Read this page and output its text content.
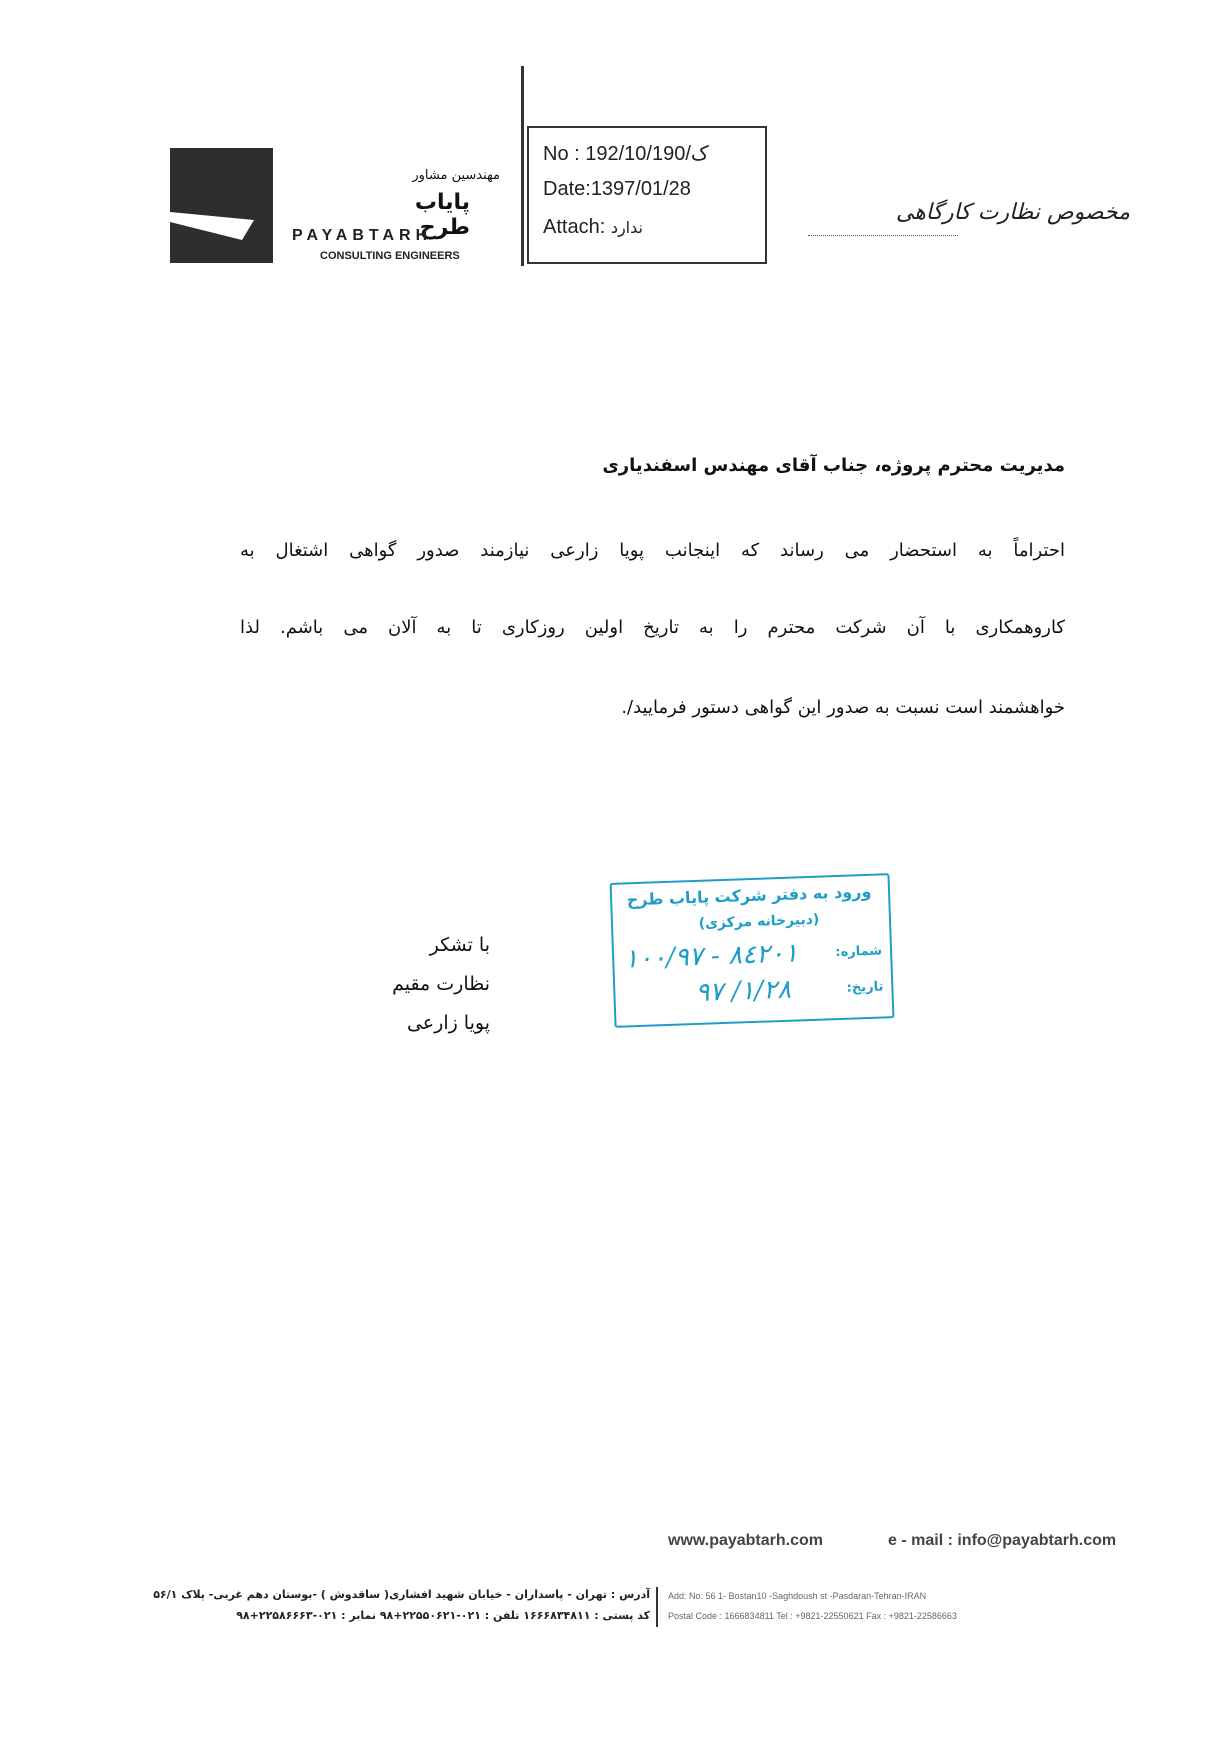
مهندسین مشاور
پایاب طرح
PAYABTARH
CONSULTING ENGINEERS
No : 192/10/ک/190
Date:1397/01/28
Attach: ندارد
مخصوص نظارت کارگاهی
مدیریت محترم پروژه، جناب آقای مهندس اسفندیاری
احتراماً به استحضار می رساند که اینجانب پویا زارعی نیازمند صدور گواهی اشتغال به
کاروهمکاری با آن شرکت محترم را به تاریخ اولین روزکاری تا به آلان می باشم. لذا
خواهشمند است نسبت به صدور این گواهی دستور فرمایید/.
با تشکر
نظارت مقیم
پویا زارعی
ورود به دفتر شرکت پایاب طرح
(دبیرخانه مرکزی)
شماره:
۱۰۰/۹۷ - ۸٤۲۰۱
تاریخ:
۹۷ /۱/۲۸
www.payabtarh.com	e - mail : info@payabtarh.com
آدرس : تهران - پاسداران - خیابان شهید افشاری( ساقدوش ) -بوستان دهم غربی- پلاک ۵۶/۱
کد پستی : ۱۶۶۶۸۳۴۸۱۱ تلفن : ۰۲۱-۲۲۵۵۰۶۲۱+۹۸ نمابر : ۰۲۱-۲۲۵۸۶۶۶۳+۹۸
Add: No. 56 1- Bostan10 -Saghdoush st -Pasdaran-Tehran-IRAN
Postal Code : 1666834811 Tel : +9821-22550621 Fax : +9821-22586663
